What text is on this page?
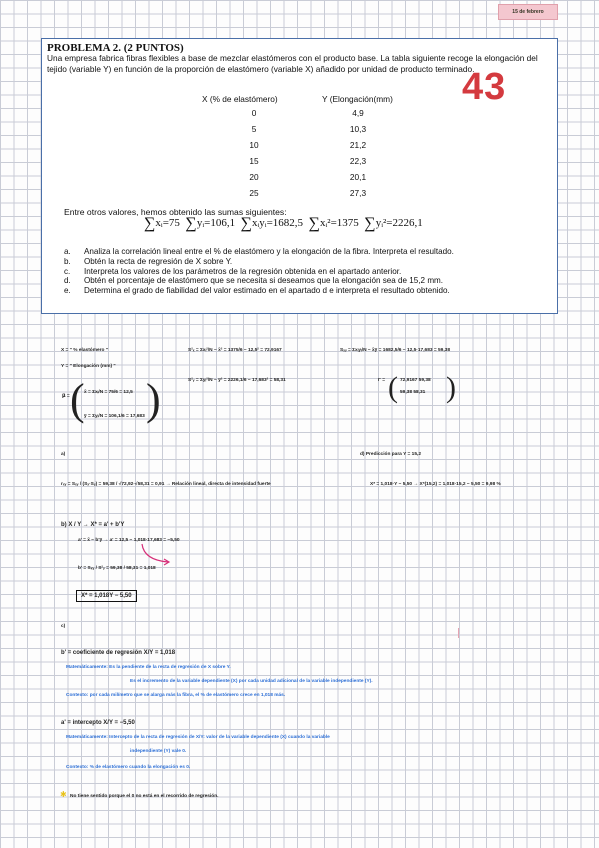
15 de febrero
PROBLEMA 2. (2 PUNTOS)
Una empresa fabrica fibras flexibles a base de mezclar elastómeros con el producto base. La tabla siguiente recoge la elongación del tejido (variable Y) en función de la proporción de elastómero (variable X) añadido por unidad de producto terminado.
X (% de elastómero)	Y (Elongación(mm)
0	4,9
5	10,3
10	21,2
15	22,3
20	20,1
25	27,3
Entre otros valores, hemos obtenido las sumas siguientes:
∑xᵢ=75 ∑yᵢ=106,1 ∑xᵢyᵢ=1682,5 ∑xᵢ²=1375 ∑yᵢ²=2226,1
a. Analiza la correlación lineal entre el % de elastómero y la elongación de la fibra. Interpreta el resultado.
b. Obtén la recta de regresión de X sobre Y.
c. Interpreta los valores de los parámetros de la regresión obtenida en el apartado anterior.
d. Obtén el porcentaje de elastómero que se necesita si deseamos que la elongación sea de 15,2 mm.
e. Determina el grado de fiabilidad del valor estimado en el apartado d e interpreta el resultado obtenido.
43
X = " % elastómero "
Y = " Elongación (mm) "
(
μ⃗ =
x̄ = Σxᵢ/N = 75/6 = 12,5
ȳ = Σyᵢ/N = 106,1/6 = 17,683 )
S²ₓ = Σxᵢ²/N − x̄² = 1375/6 − 12,5² = 72,9167
S²ᵧ = Σyᵢ²/N − ȳ² = 2226,1/6 − 17,683² = 58,31
Sₓᵧ = Σxᵢyᵢ/N − x̄ȳ = 1682,5/6 − 12,5·17,683 = 59,38
Γ = ( 72,9167 59,38
59,38 58,31 )
a)	d) Predicción para Y = 15,2
rₓᵧ = Sₓᵧ / (Sₓ·Sᵧ) = 59,38 / √72,92·√58,31 = 0,91 → Relación lineal, directa de intensidad fuerte	X* = 1,018·Y − 5,50 → X*(15,2) = 1,018·15,2 − 5,50 = 9,98 %
b) X / Y → X* = a' + b'Y
a' = x̄ − b'ȳ → a' = 12,5 − 1,018·17,683 = −5,50
b' = Sₓᵧ / S²ᵧ = 59,38 / 58,31 = 1,018
X* = 1,018Y − 5,50
c)
b' = coeficiente de regresión X/Y = 1,018
Matemáticamente: Es la pendiente de la recta de regresión de X sobre Y.
Es el incremento de la variable dependiente (X) por cada unidad adicional de la variable independiente (Y).
Contexto: por cada milímetro que se alarga más la fibra, el % de elastómero crece en 1,018 más.
a' = intercepto X/Y = −5,50
Matemáticamente: Intercepto de la recta de regresión de X/Y: valor de la variable dependiente (X) cuando la variable
independiente (Y) vale 0.
Contexto: % de elastómero cuando la elongación es 0.
✱ No tiene sentido porque el 0 no está en el recorrido de regresión.
